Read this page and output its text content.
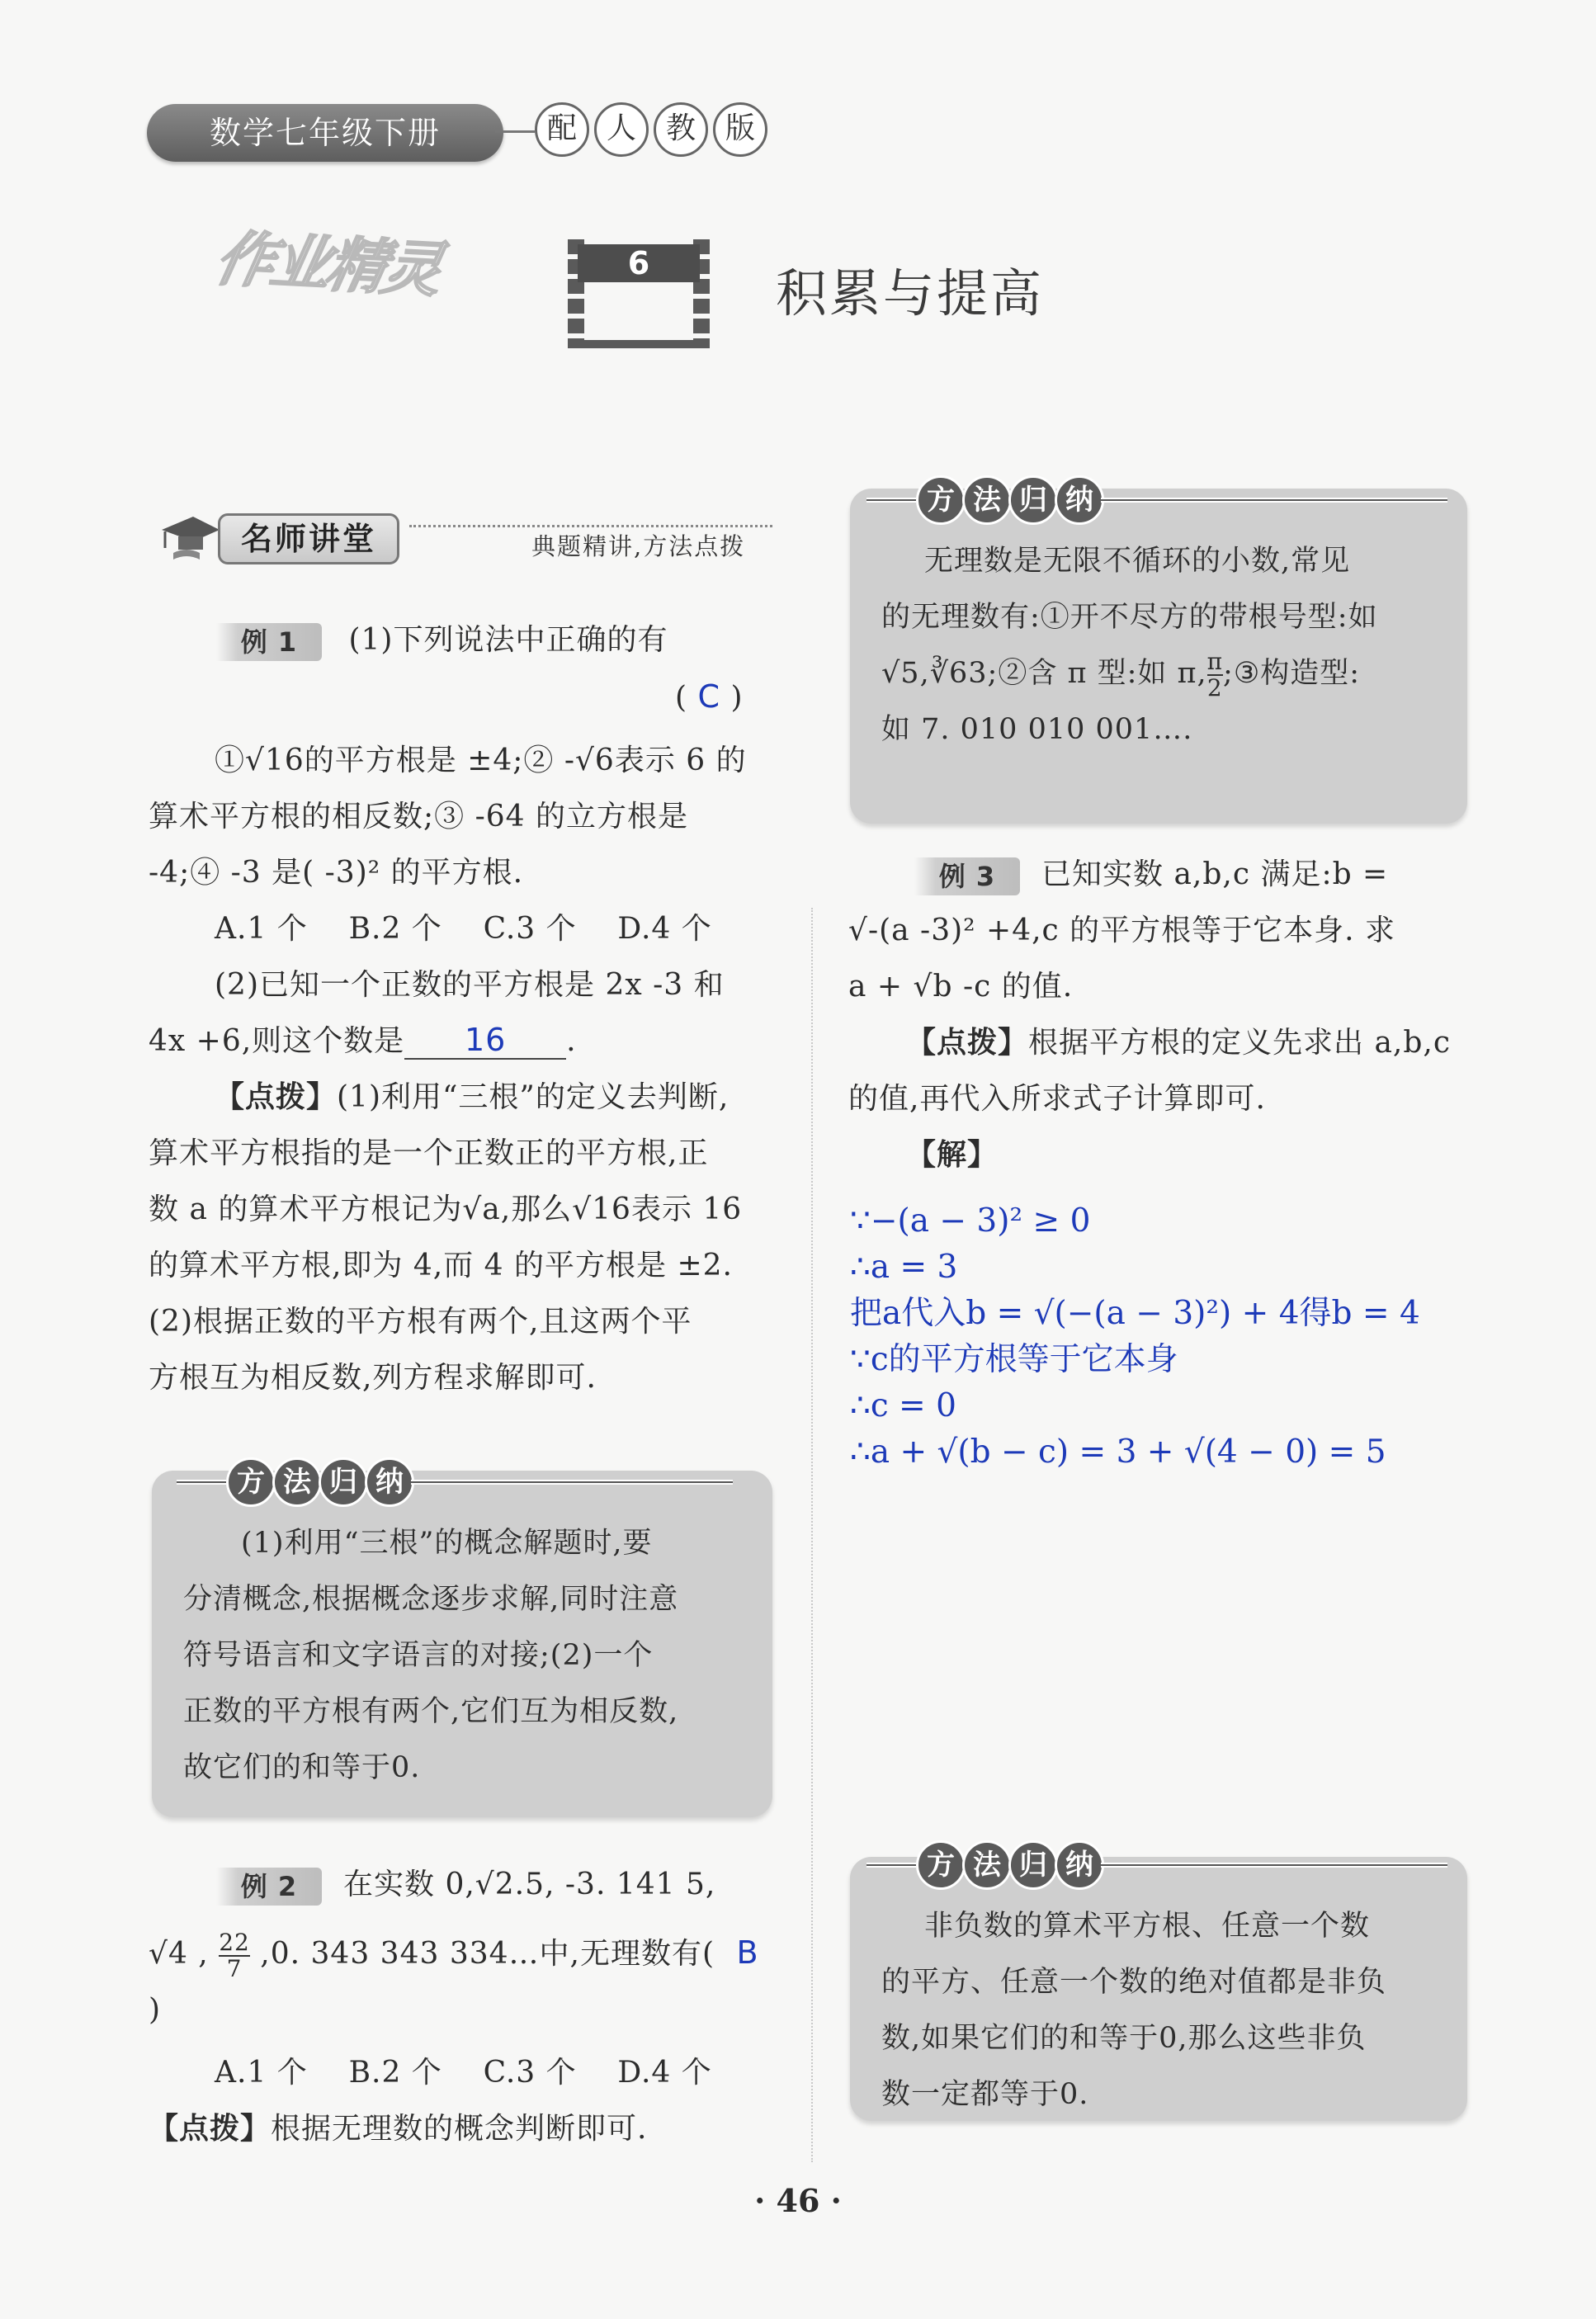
数学七年级下册	配 人 教 版
作业精灵	6	积累与提高
名师讲堂	典题精讲,方法点拨
例 1 (1)下列说法中正确的有
( C )
①√16的平方根是 ±4;② -√6表示 6 的
算术平方根的相反数;③ -64 的立方根是
-4;④ -3 是( -3)² 的平方根.
A.1 个    B.2 个    C.3 个    D.4 个
(2)已知一个正数的平方根是 2x -3 和
4x +6,则这个数是 16 .
【点拨】(1)利用“三根”的定义去判断,
算术平方根指的是一个正数正的平方根,正
数 a 的算术平方根记为√a,那么√16表示 16
的算术平方根,即为 4,而 4 的平方根是 ±2.
(2)根据正数的平方根有两个,且这两个平
方根互为相反数,列方程求解即可.
方 法 归 纳
(1)利用“三根”的概念解题时,要
分清概念,根据概念逐步求解,同时注意
符号语言和文字语言的对接;(2)一个
正数的平方根有两个,它们互为相反数,
故它们的和等于0.
例 2 在实数 0,√2.5, -3. 141 5,
√4 , $\frac{22}{7} ,0$. 343 343 334…中,无理数有( B )
A.1 个    B.2 个    C.3 个    D.4 个
【点拨】根据无理数的概念判断即可.
方 法 归 纳
无理数是无限不循环的小数,常见
的无理数有:①开不尽方的带根号型:如
√5,∛63;②含 π 型:如 π, $\frac{\pi}{2}$ ;③构造型:
如 7. 010 010 001….
例 3 已知实数 a,b,c 满足:b =
√-(a -3)² +4,c 的平方根等于它本身. 求
a + √b -c 的值.
【点拨】根据平方根的定义先求出 a,b,c
的值,再代入所求式子计算即可.
【解】
∵−(a − 3)² ≥ 0
∴a = 3
把a代入b = √(−(a − 3)²) + 4得b = 4
∵c的平方根等于它本身
∴c = 0
∴a + √(b − c) = 3 + √(4 − 0) = 5
方 法 归 纳
非负数的算术平方根、任意一个数
的平方、任意一个数的绝对值都是非负
数,如果它们的和等于0,那么这些非负
数一定都等于0.
· 46 ·
